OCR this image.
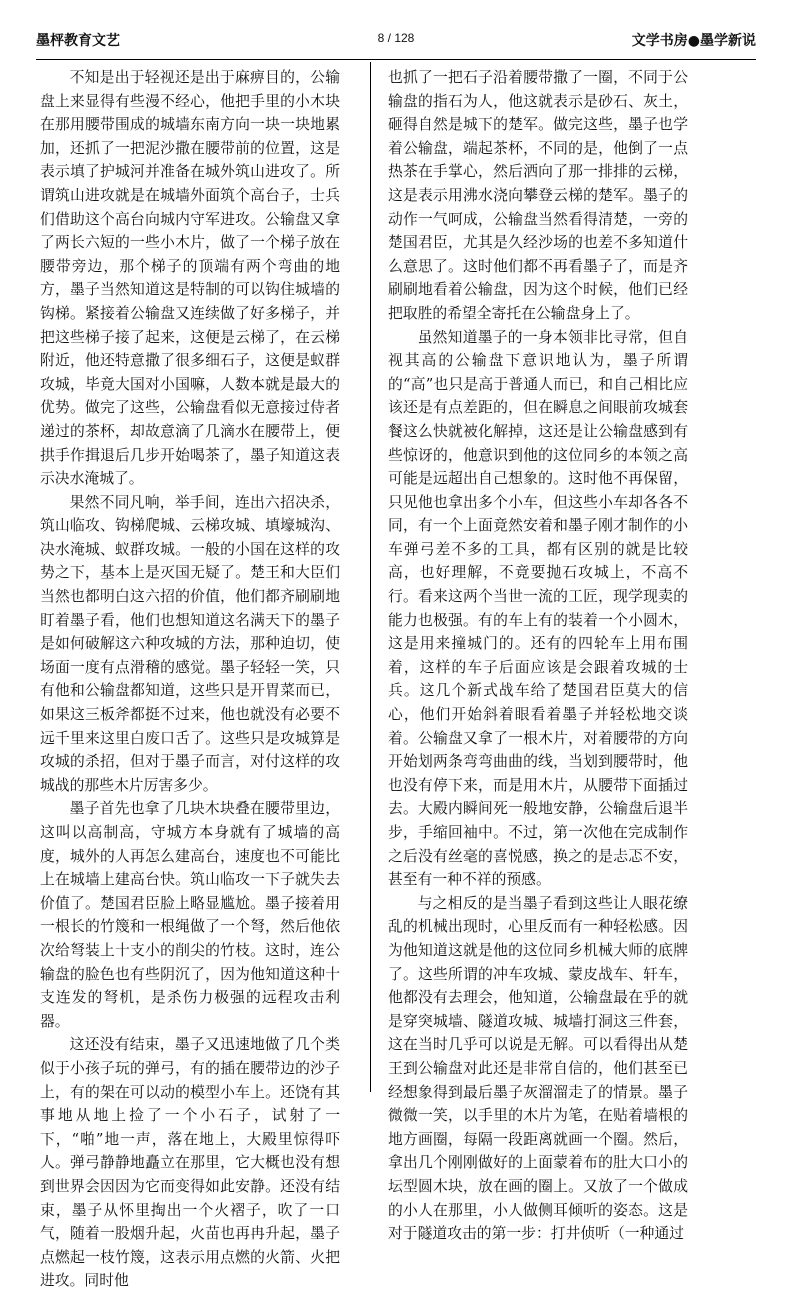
墨枰教育文艺	8 / 128	文学书房●墨学新说

不知是出于轻视还是出于麻痹目的，公输盘上来显得有些漫不经心，他把手里的小木块在那用腰带围成的城墙东南方向一块一块地累加，还抓了一把泥沙撒在腰带前的位置，这是表示填了护城河并准备在城外筑山进攻了。所谓筑山进攻就是在城墙外面筑个高台子，士兵们借助这个高台向城内守军进攻。公输盘又拿了两长六短的一些小木片，做了一个梯子放在腰带旁边，那个梯子的顶端有两个弯曲的地方，墨子当然知道这是特制的可以钩住城墙的钩梯。紧接着公输盘又连续做了好多梯子，并把这些梯子接了起来，这便是云梯了，在云梯附近，他还特意撒了很多细石子，这便是蚁群攻城，毕竟大国对小国嘛，人数本就是最大的优势。做完了这些，公输盘看似无意接过侍者递过的茶杯，却故意滴了几滴水在腰带上，便拱手作揖退后几步开始喝茶了，墨子知道这表示决水淹城了。

果然不同凡响，举手间，连出六招决杀，筑山临攻、钩梯爬城、云梯攻城、填壕城沟、决水淹城、蚁群攻城。一般的小国在这样的攻势之下，基本上是灭国无疑了。楚王和大臣们当然也都明白这六招的价值，他们都齐刷刷地盯着墨子看，他们也想知道这名满天下的墨子是如何破解这六种攻城的方法，那种迫切，使场面一度有点滑稽的感觉。墨子轻轻一笑，只有他和公输盘都知道，这些只是开胃菜而已，如果这三板斧都挺不过来，他也就没有必要不远千里来这里白废口舌了。这些只是攻城算是攻城的杀招，但对于墨子而言，对付这样的攻城战的那些木片厉害多少。

墨子首先也拿了几块木块叠在腰带里边，这叫以高制高，守城方本身就有了城墙的高度，城外的人再怎么建高台，速度也不可能比上在城墙上建高台快。筑山临攻一下子就失去价值了。楚国君臣脸上略显尴尬。墨子接着用一根长的竹篾和一根绳做了一个弩，然后他依次给弩装上十支小的削尖的竹枝。这时，连公输盘的脸色也有些阴沉了，因为他知道这种十支连发的弩机，是杀伤力极强的远程攻击利器。

这还没有结束，墨子又迅速地做了几个类似于小孩子玩的弹弓，有的插在腰带边的沙子上，有的架在可以动的模型小车上。还饶有其事地从地上捡了一个小石子，试射了一下，“啪”地一声，落在地上，大殿里惊得吓人。弹弓静静地矗立在那里，它大概也没有想到世界会因因为它而变得如此安静。还没有结束，墨子从怀里掏出一个火褶子，吹了一口气，随着一股烟升起，火苗也再冉升起，墨子点燃起一枝竹篾，这表示用点燃的火箭、火把进攻。同时他

也抓了一把石子沿着腰带撒了一圈，不同于公输盘的指石为人，他这就表示是砂石、灰土，砸得自然是城下的楚军。做完这些，墨子也学着公输盘，端起茶杯，不同的是，他倒了一点热茶在手掌心，然后洒向了那一排排的云梯，这是表示用沸水浇向攀登云梯的楚军。墨子的动作一气呵成，公输盘当然看得清楚，一旁的楚国君臣，尤其是久经沙场的也差不多知道什么意思了。这时他们都不再看墨子了，而是齐刷刷地看着公输盘，因为这个时候，他们已经把取胜的希望全寄托在公输盘身上了。

虽然知道墨子的一身本领非比寻常，但自视其高的公输盘下意识地认为，墨子所谓的“高”也只是高于普通人而已，和自己相比应该还是有点差距的，但在瞬息之间眼前攻城套餐这么快就被化解掉，这还是让公输盘感到有些惊讶的，他意识到他的这位同乡的本领之高可能是远超出自己想象的。这时他不再保留，只见他也拿出多个小车，但这些小车却各各不同，有一个上面竟然安着和墨子刚才制作的小车弹弓差不多的工具，都有区别的就是比较高，也好理解，不竟要抛石攻城上，不高不行。看来这两个当世一流的工匠，现学现卖的能力也极强。有的车上有的装着一个小圆木，这是用来撞城门的。还有的四轮车上用布围着，这样的车子后面应该是会跟着攻城的士兵。这几个新式战车给了楚国君臣莫大的信心，他们开始斜着眼看着墨子并轻松地交谈着。公输盘又拿了一根木片，对着腰带的方向开始划两条弯弯曲曲的线，当划到腰带时，他也没有停下来，而是用木片，从腰带下面插过去。大殿内瞬间死一般地安静，公输盘后退半步，手缩回袖中。不过，第一次他在完成制作之后没有丝毫的喜悦感，换之的是忐忑不安，甚至有一种不祥的预感。

与之相反的是当墨子看到这些让人眼花缭乱的机械出现时，心里反而有一种轻松感。因为他知道这就是他的这位同乡机械大师的底牌了。这些所谓的冲车攻城、蒙皮战车、轩车，他都没有去理会，他知道，公输盘最在乎的就是穿突城墙、隧道攻城、城墙打洞这三件套，这在当时几乎可以说是无解。可以看得出从楚王到公输盘对此还是非常自信的，他们甚至已经想象得到最后墨子灰溜溜走了的情景。墨子微微一笑，以手里的木片为笔，在贴着墙根的地方画圈，每隔一段距离就画一个圈。然后，拿出几个刚刚做好的上面蒙着布的肚大口小的坛型圆木块，放在画的圈上。又放了一个做成的小人在那里，小人做侧耳倾听的姿态。这是对于隧道攻击的第一步：打井侦听（一种通过
